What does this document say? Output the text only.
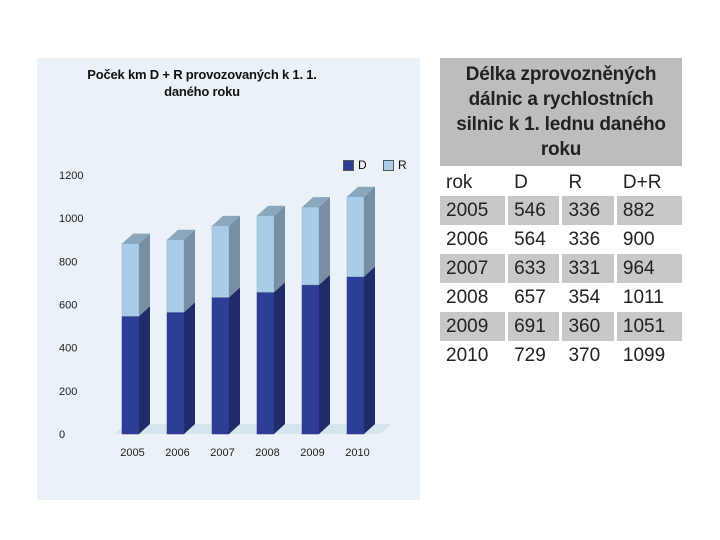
0
200
400
600
800
1000
1200
2005 2006 2007 2008 2009 2010
Poček km D + R provozovaných k 1. 1.
daného roku
D	R
Délka zprovozněných dálnic a rychlostních silnic k 1. lednu daného roku
rok	D	R	D+R
2005	546	336	882
2006	564	336	900
2007	633	331	964
2008	657	354	1011
2009	691	360	1051
2010	729	370	1099
